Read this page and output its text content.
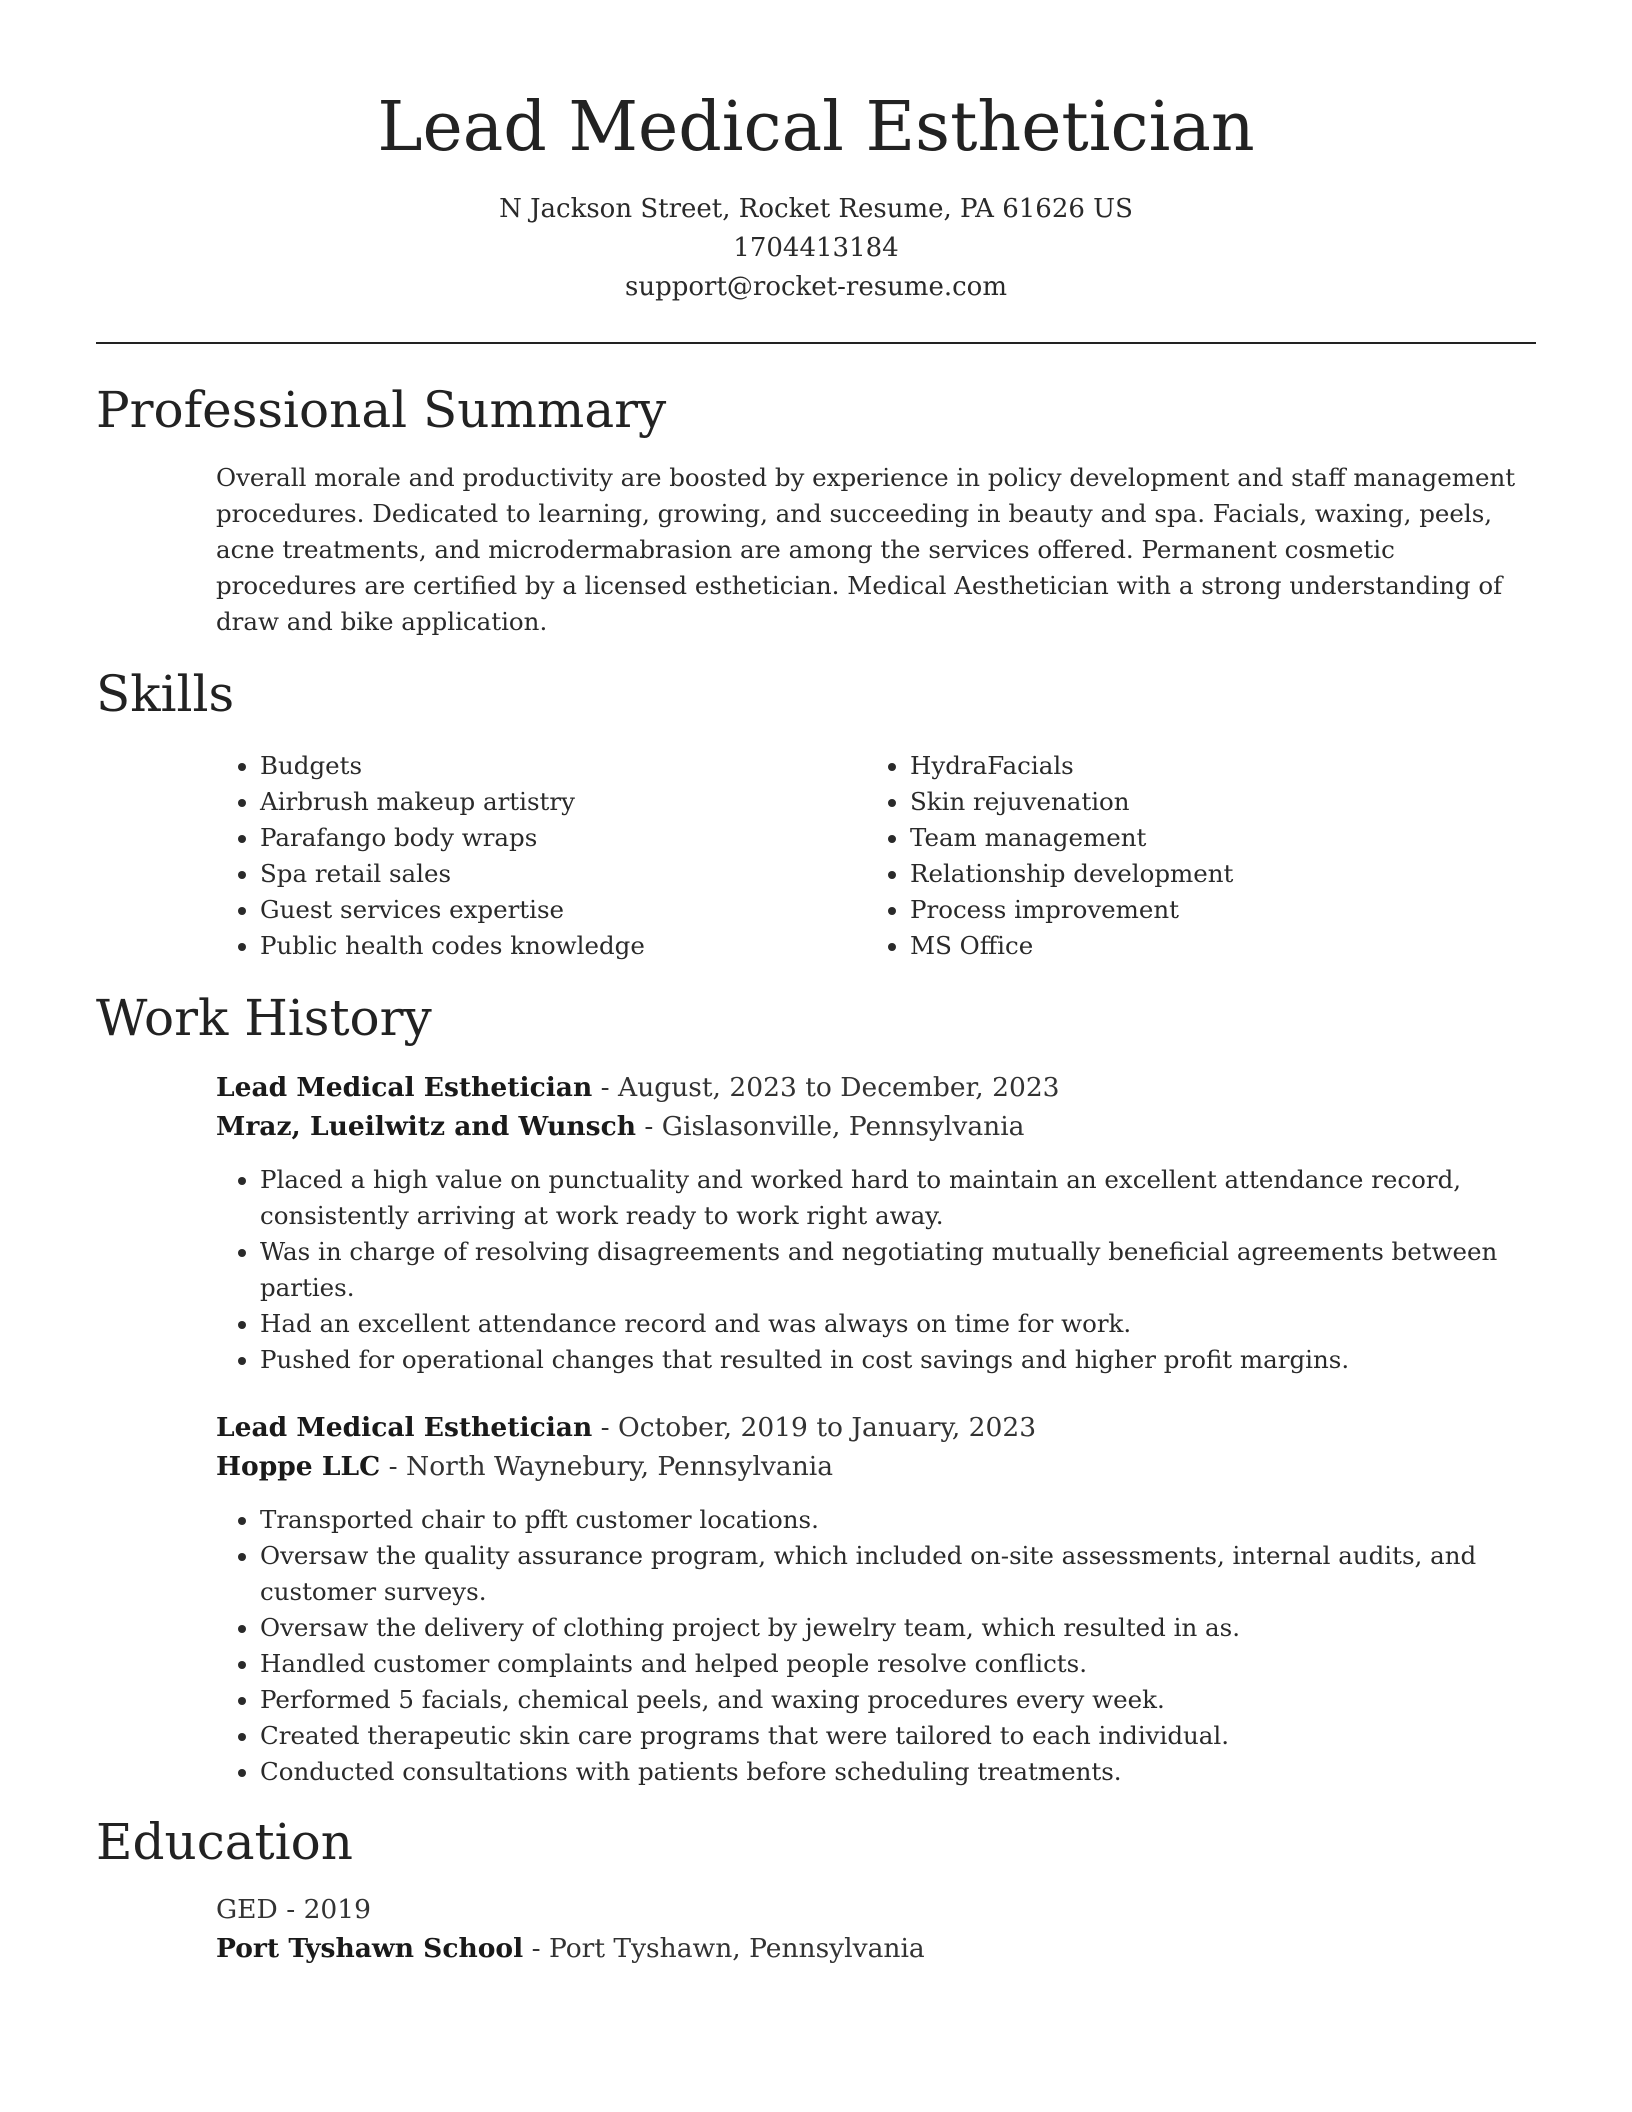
Lead Medical Esthetician
N Jackson Street, Rocket Resume, PA 61626 US
1704413184
support@rocket-resume.com
Professional Summary

Overall morale and productivity are boosted by experience in policy development and staff management procedures. Dedicated to learning, growing, and succeeding in beauty and spa. Facials, waxing, peels, acne treatments, and microdermabrasion are among the services offered. Permanent cosmetic procedures are certified by a licensed esthetician. Medical Aesthetician with a strong understanding of draw and bike application.

Skills
• Budgets
• Airbrush makeup artistry
• Parafango body wraps
• Spa retail sales
• Guest services expertise
• Public health codes knowledge
• HydraFacials
• Skin rejuvenation
• Team management
• Relationship development
• Process improvement
• MS Office
Work History
Lead Medical Esthetician - August, 2023 to December, 2023
Mraz, Lueilwitz and Wunsch - Gislasonville, Pennsylvania
• Placed a high value on punctuality and worked hard to maintain an excellent attendance record, consistently arriving at work ready to work right away.
• Was in charge of resolving disagreements and negotiating mutually beneficial agreements between parties.
• Had an excellent attendance record and was always on time for work.
• Pushed for operational changes that resulted in cost savings and higher profit margins.
Lead Medical Esthetician - October, 2019 to January, 2023
Hoppe LLC - North Waynebury, Pennsylvania
• Transported chair to pfft customer locations.
• Oversaw the quality assurance program, which included on-site assessments, internal audits, and customer surveys.
• Oversaw the delivery of clothing project by jewelry team, which resulted in as.
• Handled customer complaints and helped people resolve conflicts.
• Performed 5 facials, chemical peels, and waxing procedures every week.
• Created therapeutic skin care programs that were tailored to each individual.
• Conducted consultations with patients before scheduling treatments.
Education
GED - 2019
Port Tyshawn School - Port Tyshawn, Pennsylvania
